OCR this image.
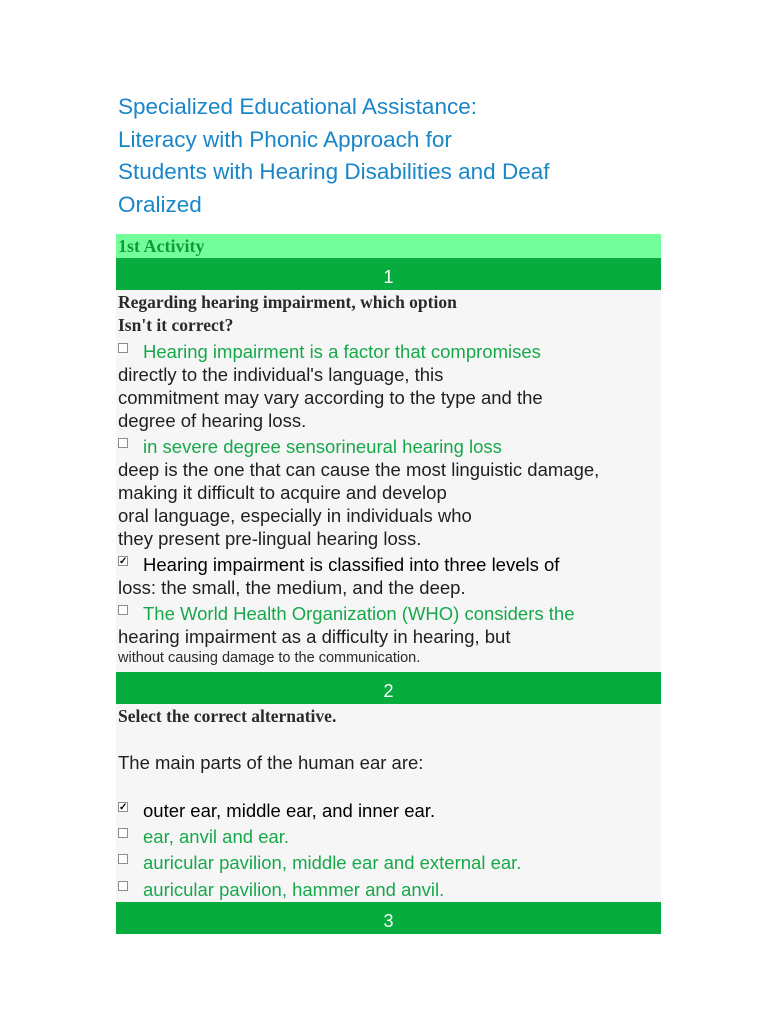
Specialized Educational Assistance:
Literacy with Phonic Approach for
Students with Hearing Disabilities and Deaf
Oralized
1st Activity
1
Regarding hearing impairment, which option
Isn't it correct?
Hearing impairment is a factor that compromises
directly to the individual's language, this
commitment may vary according to the type and the
degree of hearing loss.
in severe degree sensorineural hearing loss
deep is the one that can cause the most linguistic damage,
making it difficult to acquire and develop
oral language, especially in individuals who
they present pre-lingual hearing loss.
✓
Hearing impairment is classified into three levels of
loss: the small, the medium, and the deep.
The World Health Organization (WHO) considers the
hearing impairment as a difficulty in hearing, but
without causing damage to the communication.
2
Select the correct alternative.
The main parts of the human ear are:
✓
outer ear, middle ear, and inner ear.
ear, anvil and ear.
auricular pavilion, middle ear and external ear.
auricular pavilion, hammer and anvil.
3
